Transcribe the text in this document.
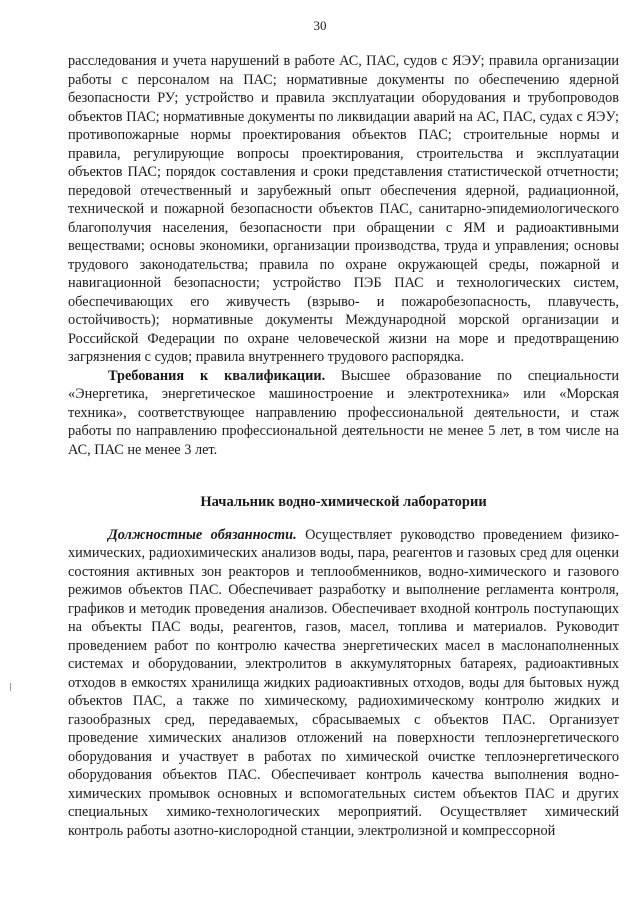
30

расследования и учета нарушений в работе АС, ПАС, судов с ЯЭУ; правила организации работы с персоналом на ПАС; нормативные документы по обеспечению ядерной безопасности РУ; устройство и правила эксплуатации оборудования и трубопроводов объектов ПАС; нормативные документы по ликвидации аварий на АС, ПАС, судах с ЯЭУ; противопожарные нормы проектирования объектов ПАС; строительные нормы и правила, регулирующие вопросы проектирования, строительства и эксплуатации объектов ПАС; порядок составления и сроки представления статистической отчетности; передовой отечественный и зарубежный опыт обеспечения ядерной, радиационной, технической и пожарной безопасности объектов ПАС, санитарно-эпидемиологического благополучия населения, безопасности при обращении с ЯМ и радиоактивными веществами; основы экономики, организации производства, труда и управления; основы трудового законодательства; правила по охране окружающей среды, пожарной и навигационной безопасности; устройство ПЭБ ПАС и технологических систем, обеспечивающих его живучесть (взрыво- и пожаробезопасность, плавучесть, остойчивость); нормативные документы Международной морской организации и Российской Федерации по охране человеческой жизни на море и предотвращению загрязнения с судов; правила внутреннего трудового распорядка.

Требования к квалификации. Высшее образование по специальности «Энергетика, энергетическое машиностроение и электротехника» или «Морская техника», соответствующее направлению профессиональной деятельности, и стаж работы по направлению профессиональной деятельности не менее 5 лет, в том числе на АС, ПАС не менее 3 лет.

Начальник водно-химической лаборатории

Должностные обязанности. Осуществляет руководство проведением физико-химических, радиохимических анализов воды, пара, реагентов и газовых сред для оценки состояния активных зон реакторов и теплообменников, водно-химического и газового режимов объектов ПАС. Обеспечивает разработку и выполнение регламента контроля, графиков и методик проведения анализов. Обеспечивает входной контроль поступающих на объекты ПАС воды, реагентов, газов, масел, топлива и материалов. Руководит проведением работ по контролю качества энергетических масел в маслонаполненных системах и оборудовании, электролитов в аккумуляторных батареях, радиоактивных отходов в емкостях хранилища жидких радиоактивных отходов, воды для бытовых нужд объектов ПАС, а также по химическому, радиохимическому контролю жидких и газообразных сред, передаваемых, сбрасываемых с объектов ПАС. Организует проведение химических анализов отложений на поверхности теплоэнергетического оборудования и участвует в работах по химической очистке теплоэнергетического оборудования объектов ПАС. Обеспечивает контроль качества выполнения водно-химических промывок основных и вспомогательных систем объектов ПАС и других специальных химико-технологических мероприятий. Осуществляет химический контроль работы азотно-кислородной станции, электролизной и компрессорной
